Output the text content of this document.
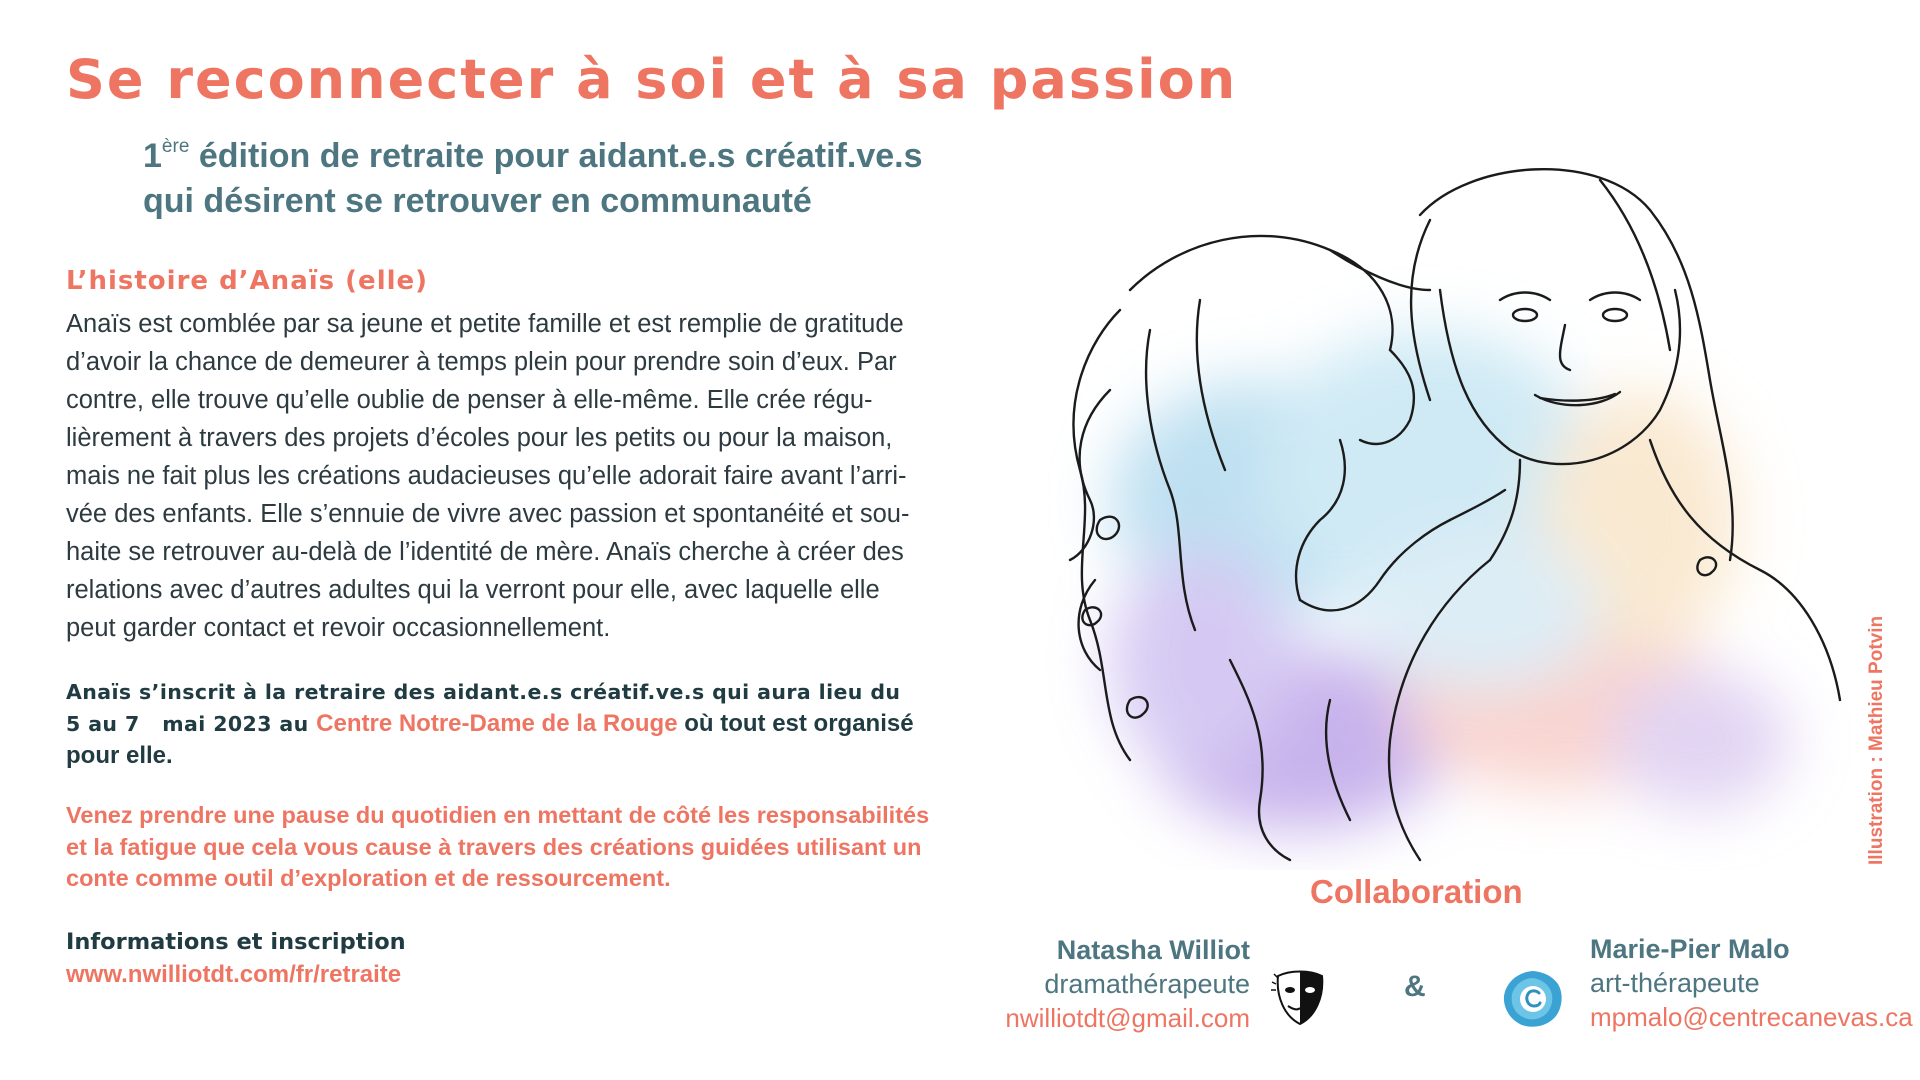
Se reconnecter à soi et à sa passion
1ère édition de retraite pour aidant.e.s créatif.ve.s
qui désirent se retrouver en communauté
L’histoire d’Anaïs (elle)

Anaïs est comblée par sa jeune et petite famille et est remplie de gratitude
d’avoir la chance de demeurer à temps plein pour prendre soin d’eux. Par
contre, elle trouve qu’elle oublie de penser à elle-même. Elle crée régu-
lièrement à travers des projets d’écoles pour les petits ou pour la maison,
mais ne fait plus les créations audacieuses qu’elle adorait faire avant l’arri-
vée des enfants. Elle s’ennuie de vivre avec passion et spontanéité et sou-
haite se retrouver au-delà de l’identité de mère. Anaïs cherche à créer des
relations avec d’autres adultes qui la verront pour elle, avec laquelle elle
peut garder contact et revoir occasionnellement.

Anaïs s’inscrit à la retraire des aidant.e.s créatif.ve.s qui aura lieu du
5 au 7   mai 2023 au Centre Notre-Dame de la Rouge où tout est organisé
pour elle.

Venez prendre une pause du quotidien en mettant de côté les responsabilités
et la fatigue que cela vous cause à travers des créations guidées utilisant un
conte comme outil d’exploration et de ressourcement.

Informations et inscription
www.nwilliotdt.com/fr/retraite
Illustration : Mathieu Potvin
Collaboration
Natasha Williot
dramathérapeute
nwilliotdt@gmail.com
&
Marie-Pier Malo
art-thérapeute
mpmalo@centrecanevas.ca
